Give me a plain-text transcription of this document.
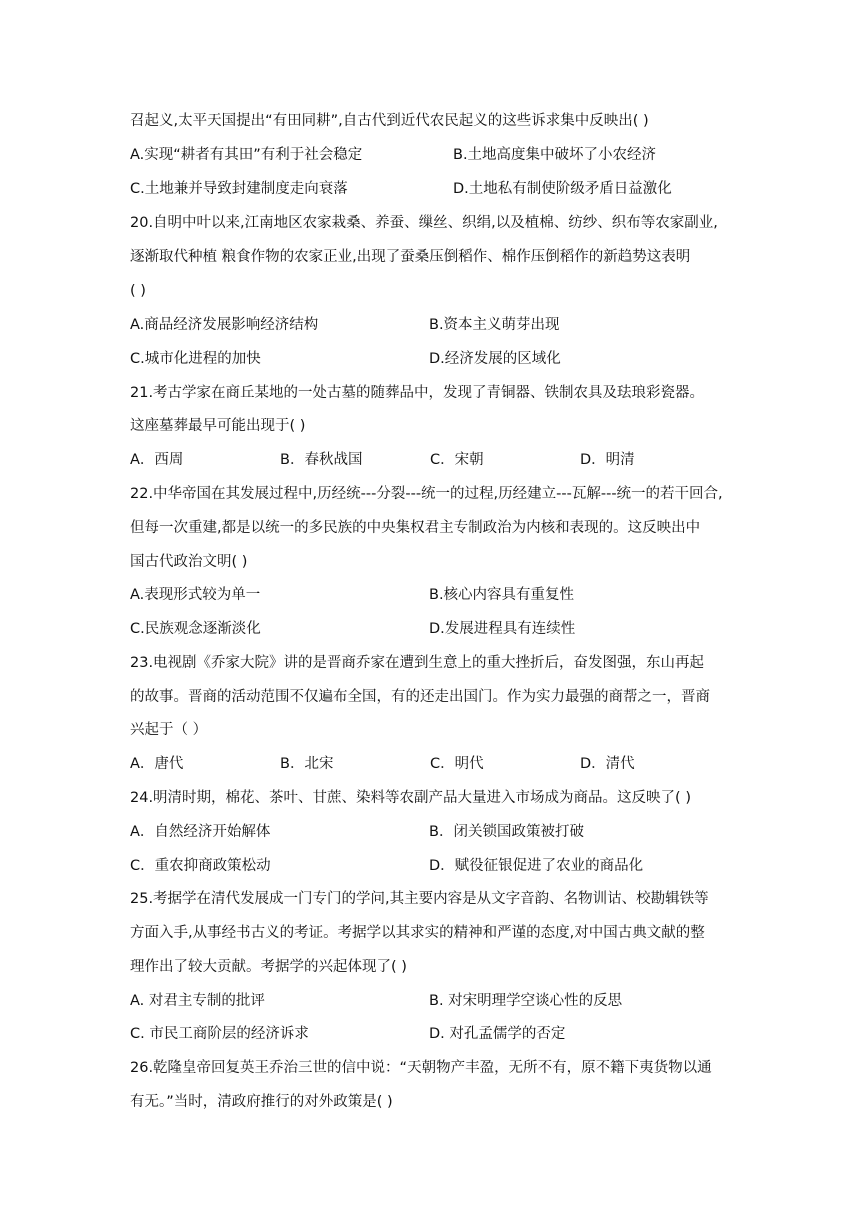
召起义,太平天国提出“有田同耕”,自古代到近代农民起义的这些诉求集中反映出( )
A.实现“耕者有其田”有利于社会稳定	B.土地高度集中破坏了小农经济
C.土地兼并导致封建制度走向衰落	D.土地私有制使阶级矛盾日益激化
20.自明中叶以来,江南地区农家栽桑、养蚕、缫丝、织绢,以及植棉、纺纱、织布等农家副业,
逐渐取代种植 粮食作物的农家正业,出现了蚕桑压倒稻作、棉作压倒稻作的新趋势这表明
( )
A.商品经济发展影响经济结构	B.资本主义萌芽出现
C.城市化进程的加快	D.经济发展的区域化
21.考古学家在商丘某地的一处古墓的随葬品中，发现了青铜器、铁制农具及珐琅彩瓷器。
这座墓葬最早可能出现于( )
A．西周	B．春秋战国	C．宋朝	D．明清
22.中华帝国在其发展过程中,历经统---分裂---统一的过程,历经建立---瓦解---统一的若干回合,
但每一次重建,都是以统一的多民族的中央集权君主专制政治为内核和表现的。这反映出中
国古代政治文明( )
A.表现形式较为单一	B.核心内容具有重复性
C.民族观念逐渐淡化	D.发展进程具有连续性
23.电视剧《乔家大院》讲的是晋商乔家在遭到生意上的重大挫折后，奋发图强，东山再起
的故事。晋商的活动范围不仅遍布全国，有的还走出国门。作为实力最强的商帮之一，晋商
兴起于（ ）
A．唐代	B．北宋	C．明代	D．清代
24.明清时期，棉花、茶叶、甘蔗、染料等农副产品大量进入市场成为商品。这反映了( )
A．自然经济开始解体	B．闭关锁国政策被打破
C．重农抑商政策松动	D．赋役征银促进了农业的商品化
25.考据学在清代发展成一门专门的学问,其主要内容是从文字音韵、名物训诂、校勘辑铁等
方面入手,从事经书古义的考证。考据学以其求实的精神和严谨的态度,对中国古典文献的整
理作出了较大贡献。考据学的兴起体现了( )
A. 对君主专制的批评	B. 对宋明理学空谈心性的反思
C. 市民工商阶层的经济诉求	D. 对孔孟儒学的否定
26.乾隆皇帝回复英王乔治三世的信中说：“天朝物产丰盈，无所不有，原不籍下夷货物以通
有无。”当时，清政府推行的对外政策是( )
